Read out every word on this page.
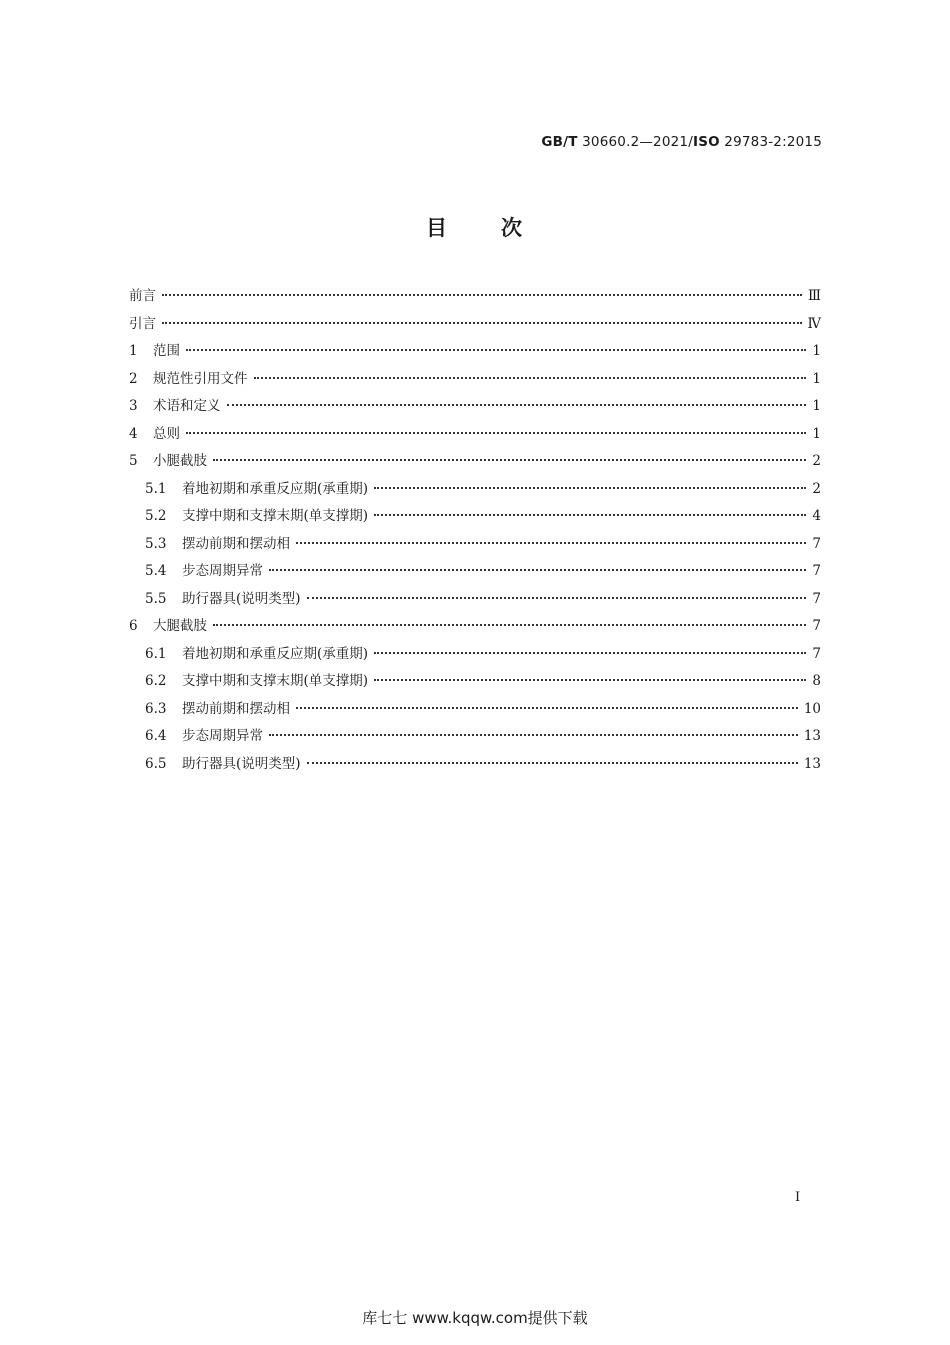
GB/T 30660.2—2021/ISO 29783-2:2015
目 次
前言	Ⅲ
引言	Ⅳ
1	范围	1
2	规范性引用文件	1
3	术语和定义	1
4	总则	1
5	小腿截肢	2
5.1	着地初期和承重反应期(承重期)	2
5.2	支撑中期和支撑末期(单支撑期)	4
5.3	摆动前期和摆动相	7
5.4	步态周期异常	7
5.5	助行器具(说明类型)	7
6	大腿截肢	7
6.1	着地初期和承重反应期(承重期)	7
6.2	支撑中期和支撑末期(单支撑期)	8
6.3	摆动前期和摆动相	10
6.4	步态周期异常	13
6.5	助行器具(说明类型)	13
I
库七七 www.kqqw.com提供下载
